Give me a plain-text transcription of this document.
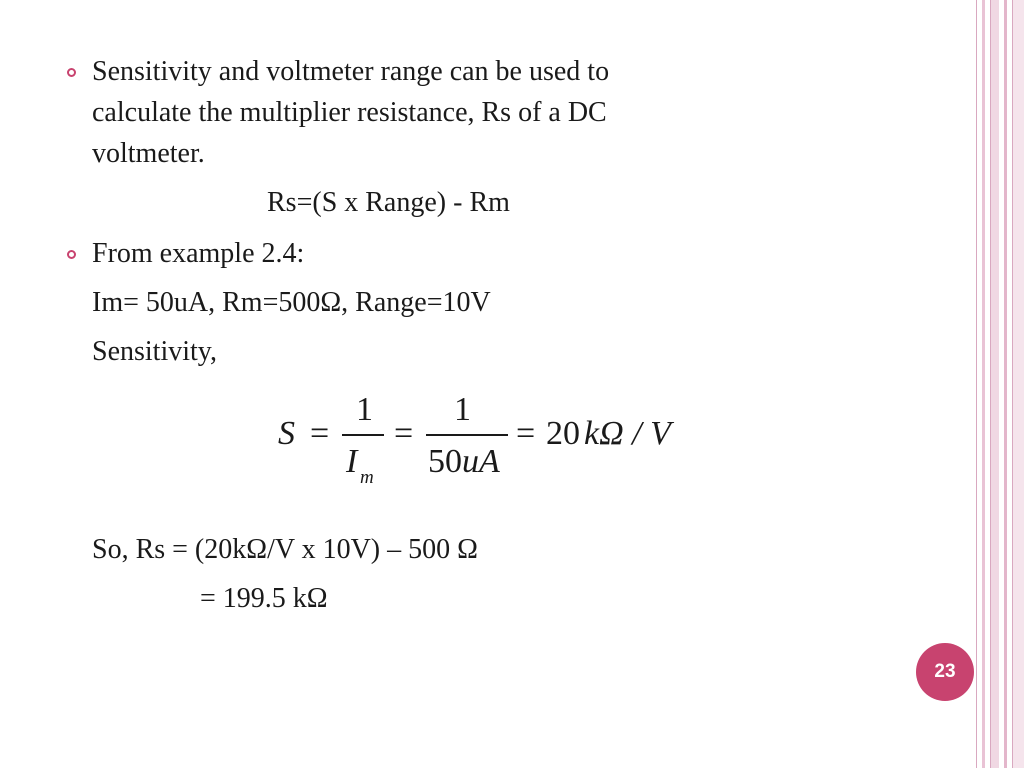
Sensitivity and voltmeter range can be used to
calculate the multiplier resistance, Rs of a DC
voltmeter.
Rs=(S x Range) - Rm
From example 2.4:
Im= 50uA, Rm=500Ω, Range=10V
Sensitivity,
S =
1
I m
=
1
50 uA
= 20 kΩ / V
So, Rs = (20kΩ/V x 10V) – 500 Ω
= 199.5 kΩ
23
